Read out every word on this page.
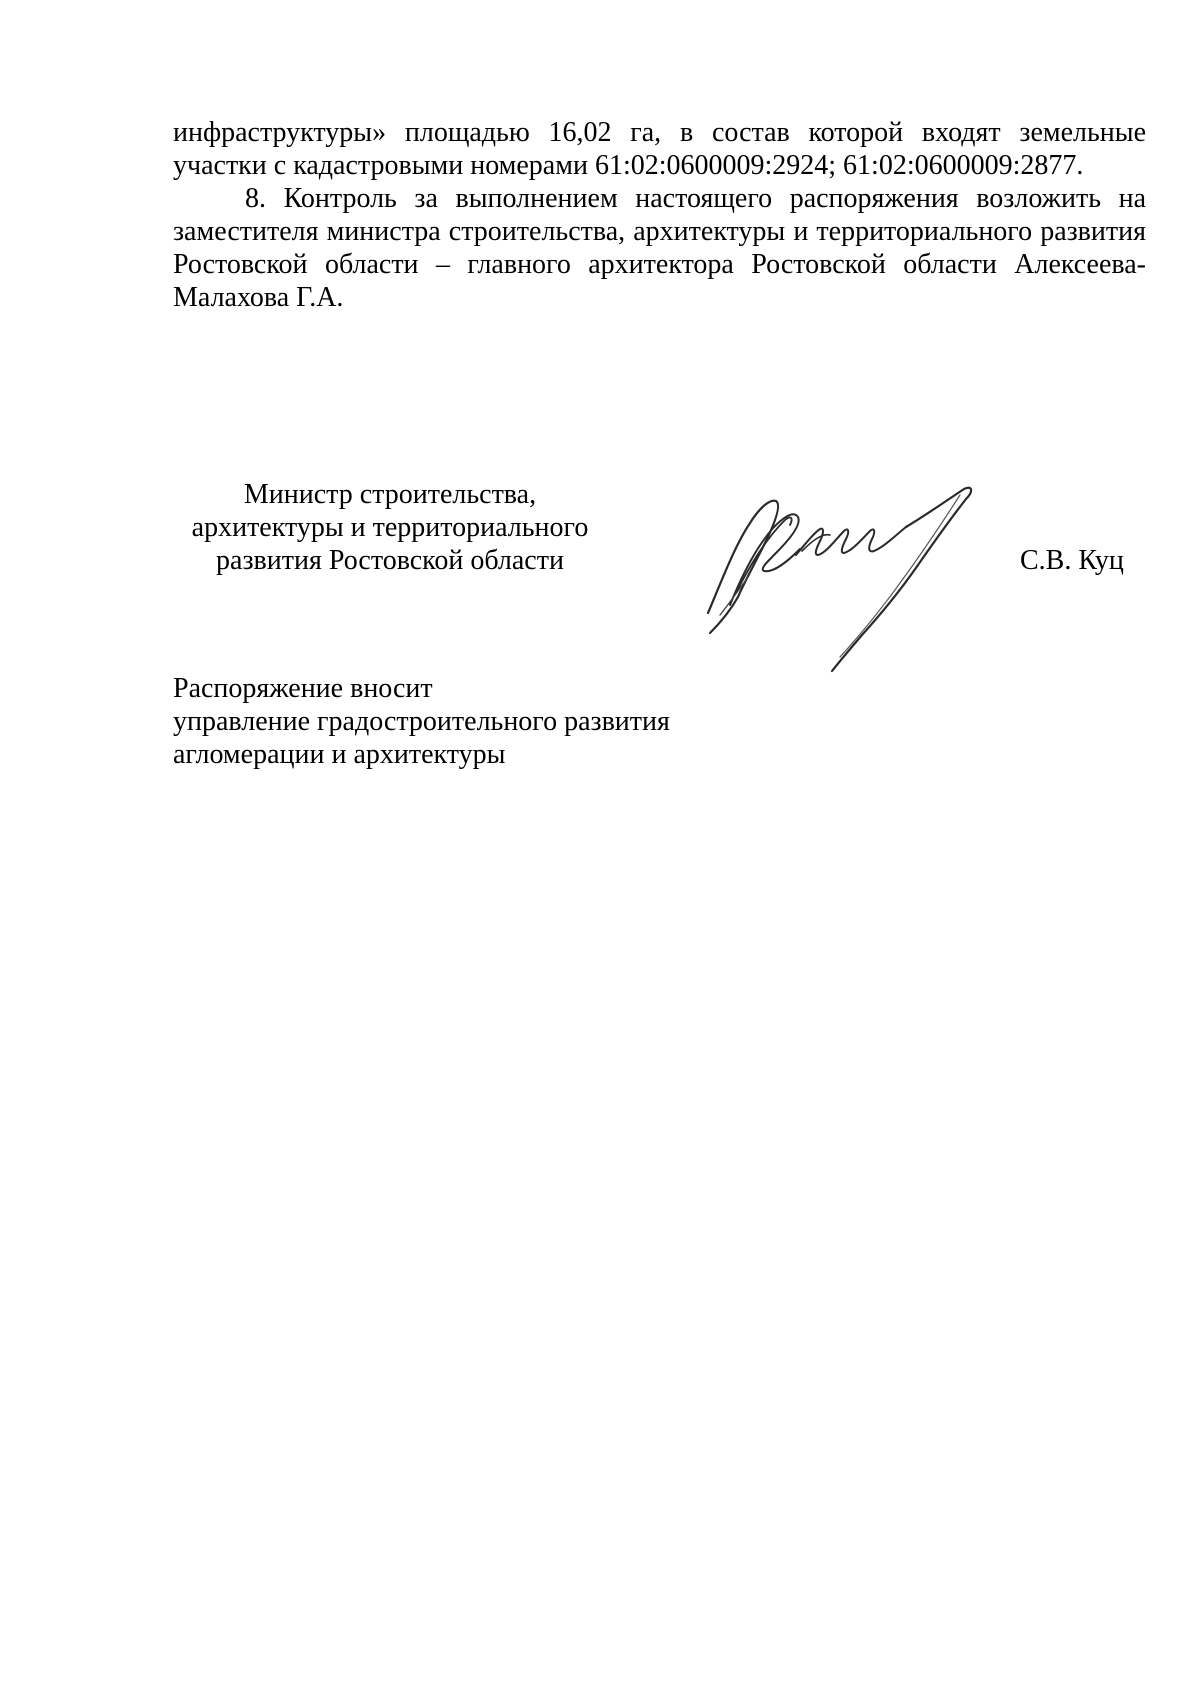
инфраструктуры» площадью 16,02 га, в состав которой входят земельные участки с кадастровыми номерами 61:02:0600009:2924; 61:02:0600009:2877.

8. Контроль за выполнением настоящего распоряжения возложить на заместителя министра строительства, архитектуры и территориального развития Ростовской области – главного архитектора Ростовской области Алексеева-Малахова Г.А.

Министр строительства,
архитектуры и территориального
развития Ростовской области	С.В. Куц
Распоряжение вносит
управление градостроительного развития
агломерации и архитектуры
